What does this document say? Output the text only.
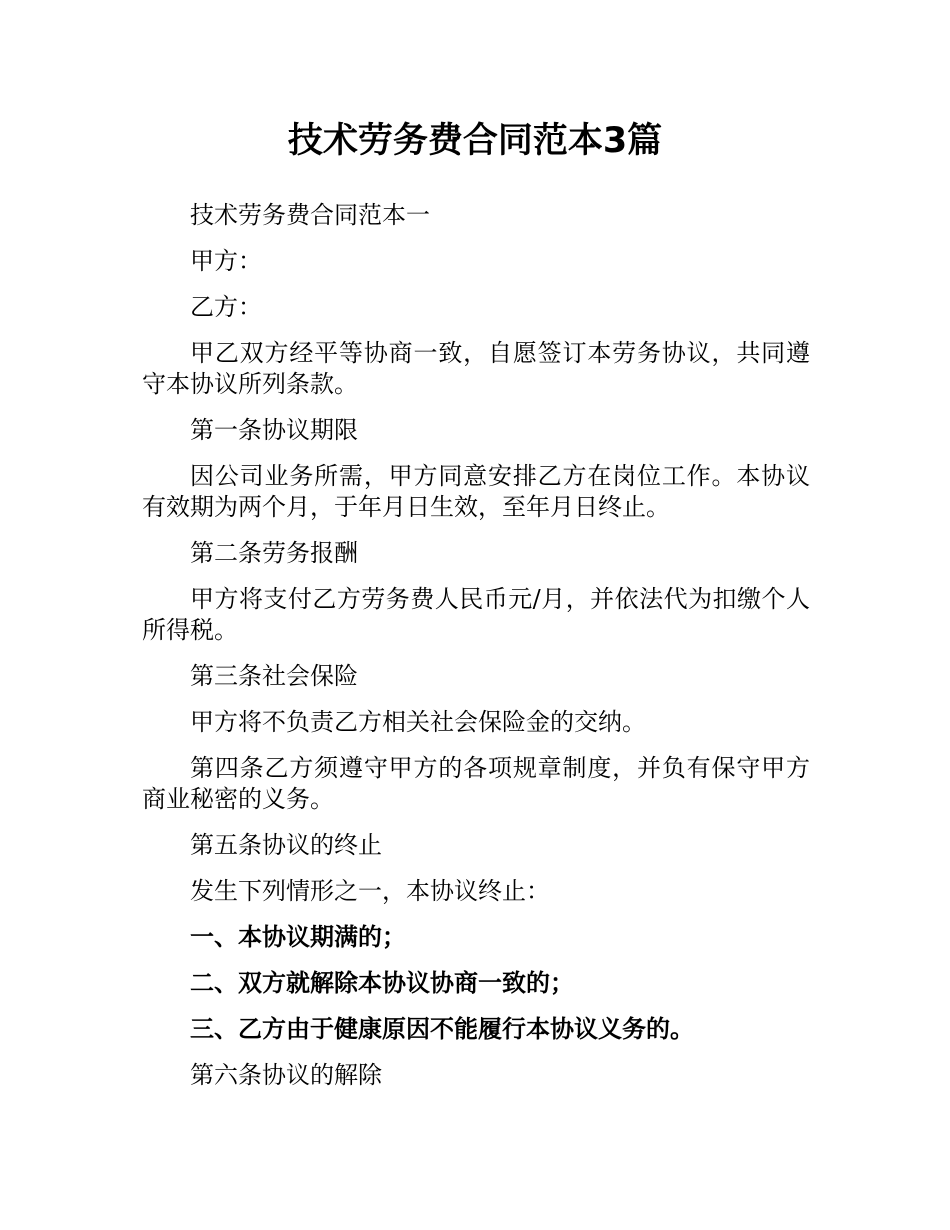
技术劳务费合同范本3篇

技术劳务费合同范本一

甲方：

乙方：

甲乙双方经平等协商一致，自愿签订本劳务协议，共同遵守本协议所列条款。

第一条协议期限

因公司业务所需，甲方同意安排乙方在岗位工作。本协议有效期为两个月，于年月日生效，至年月日终止。

第二条劳务报酬

甲方将支付乙方劳务费人民币元/月，并依法代为扣缴个人所得税。

第三条社会保险

甲方将不负责乙方相关社会保险金的交纳。

第四条乙方须遵守甲方的各项规章制度，并负有保守甲方商业秘密的义务。

第五条协议的终止

发生下列情形之一，本协议终止：

一、本协议期满的；

二、双方就解除本协议协商一致的；

三、乙方由于健康原因不能履行本协议义务的。

第六条协议的解除
